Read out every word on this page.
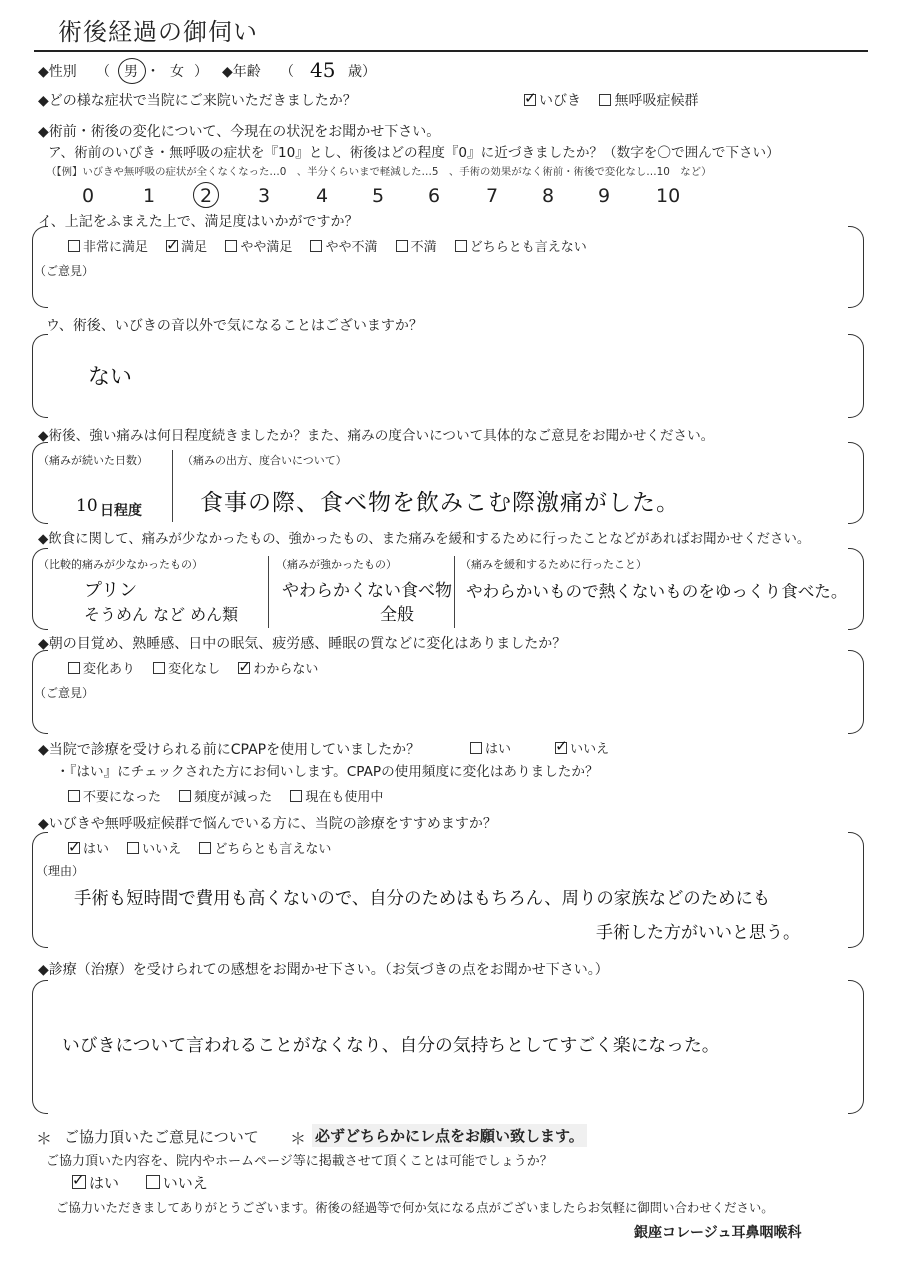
術後経過の御伺い
◆性別 （ 男 ・ 女 ） ◆年齢 （ 45 歳）
◆どの様な症状で当院にご来院いただきましたか？ ✓	いびき 無呼吸症候群
◆術前・術後の変化について、今現在の状況をお聞かせ下さい。
ア、術前のいびき・無呼吸の症状を『10』とし、術後はどの程度『0』に近づきましたか？（数字を〇で囲んで下さい）
（【例】いびきや無呼吸の症状が全くなくなった…0　、半分くらいまで軽減した…5　、手術の効果がなく術前・術後で変化なし…10　など）
0	1 2 3 4 5 6 7 8 9 10
イ、上記をふまえた上で、満足度はいかがですか？
非常に満足 ✓	満足	やや満足	やや不満	不満	どちらとも言えない
（ご意見）
ウ、術後、いびきの音以外で気になることはございますか？
ない
◆術後、強い痛みは何日程度続きましたか？また、痛みの度合いについて具体的なご意見をお聞かせください。
（痛みが続いた日数）
10 日程度
（痛みの出方、度合いについて）
食事の際、食べ物を飲みこむ際激痛がした。
◆飲食に関して、痛みが少なかったもの、強かったもの、また痛みを緩和するために行ったことなどがあればお聞かせください。
（比較的痛みが少なかったもの）
プリン
そうめん など めん類
（痛みが強かったもの）
やわらかくない食べ物
全般
（痛みを緩和するために行ったこと）
やわらかいもので熱くないものをゆっくり食べた。
◆朝の目覚め、熟睡感、日中の眠気、疲労感、睡眠の質などに変化はありましたか？
変化あり	変化なし ✓	わからない
（ご意見）
◆当院で診療を受けられる前にCPAPを使用していましたか？	はい ✓	いいえ
・『はい』にチェックされた方にお伺いします。CPAPの使用頻度に変化はありましたか？
不要になった	頻度が減った	現在も使用中
◆いびきや無呼吸症候群で悩んでいる方に、当院の診療をすすめますか？
✓はい	いいえ	どちらとも言えない
（理由）
手術も短時間で費用も高くないので、自分のためはもちろん、周りの家族などのためにも
手術した方がいいと思う。
◆診療（治療）を受けられての感想をお聞かせ下さい。（お気づきの点をお聞かせ下さい。）
いびきについて言われることがなくなり、自分の気持ちとしてすごく楽になった。
＊ ご協力頂いたご意見について ＊ 必ずどちらかにレ点をお願い致します。
ご協力頂いた内容を、院内やホームページ等に掲載させて頂くことは可能でしょうか？
✓はい	いいえ
ご協力いただきましてありがとうございます。術後の経過等で何か気になる点がございましたらお気軽に御問い合わせください。
銀座コレージュ耳鼻咽喉科
